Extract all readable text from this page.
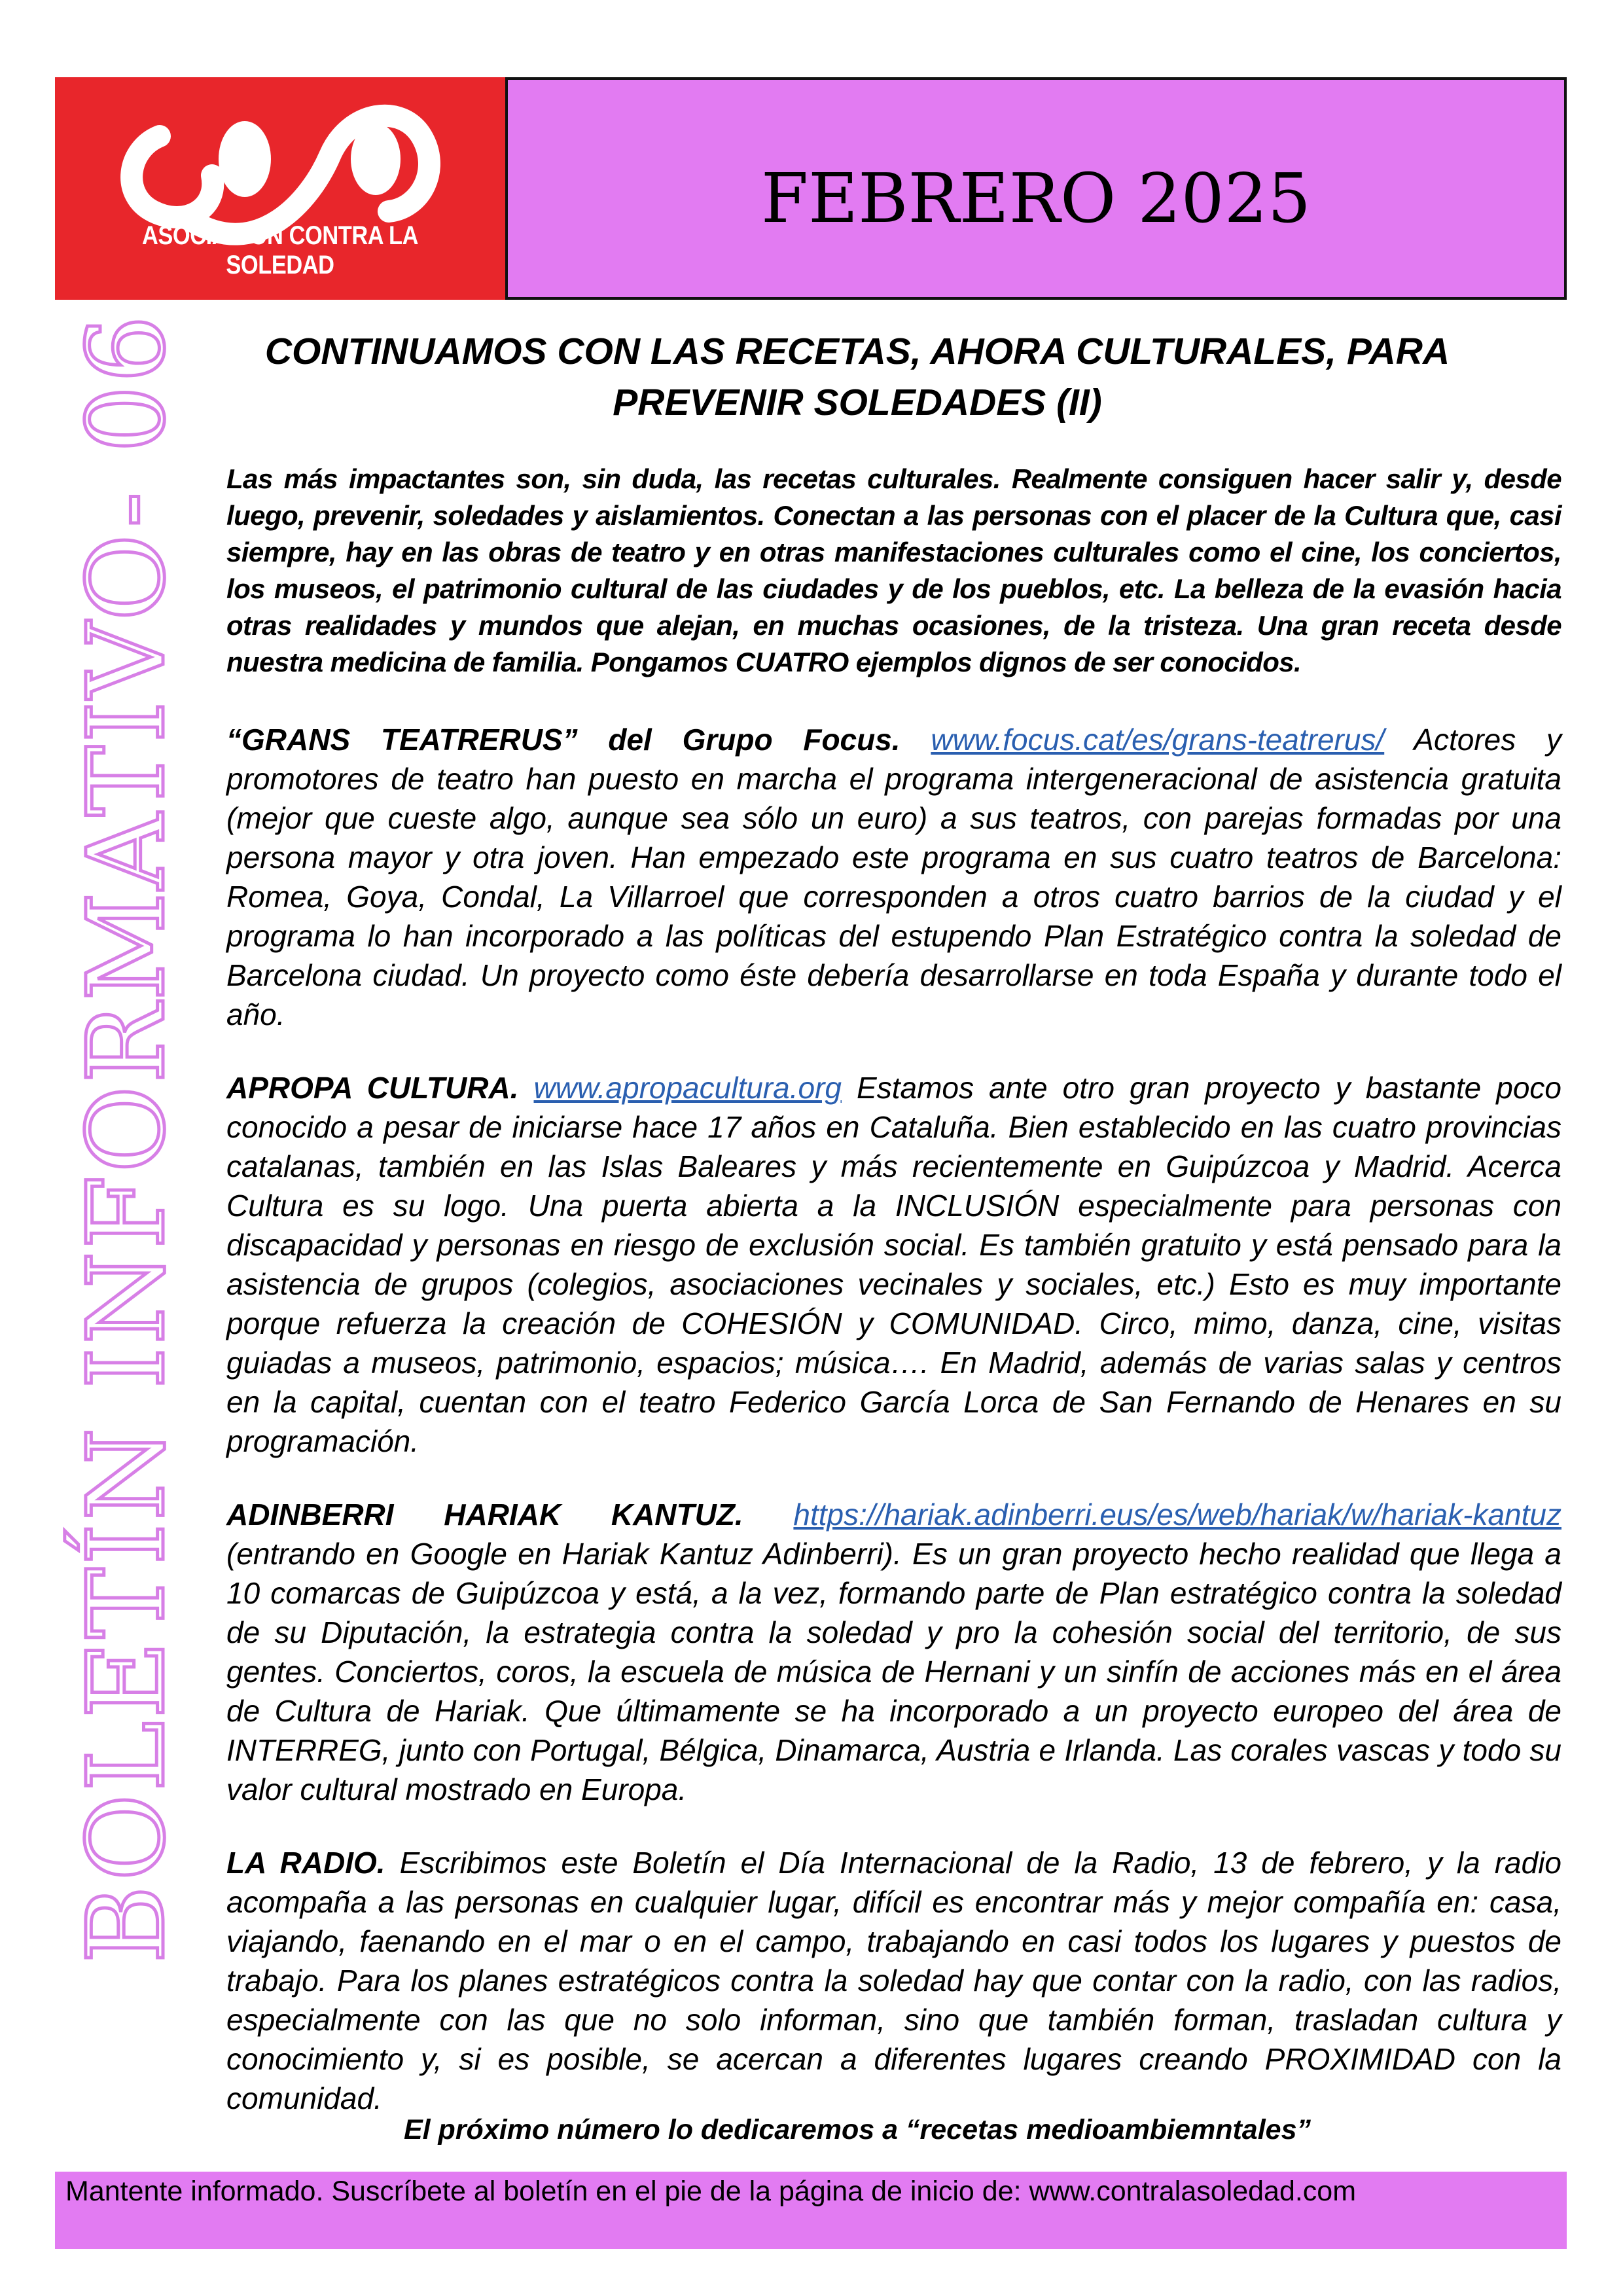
ASOCIACIÓN CONTRA LA SOLEDAD
FEBRERO 2025
BOLETÍN INFORMATIVO- 06	CONTINUAMOS CON LAS RECETAS, AHORA CULTURALES, PARA PREVENIR SOLEDADES (II)

Las más impactantes son, sin duda, las recetas culturales. Realmente consiguen hacer salir y, desde luego, prevenir, soledades y aislamientos. Conectan a las personas con el placer de la Cultura que, casi siempre, hay en las obras de teatro y en otras manifestaciones culturales como el cine, los conciertos, los museos, el patrimonio cultural de las ciudades y de los pueblos, etc. La belleza de la evasión hacia otras realidades y mundos que alejan, en muchas ocasiones, de la tristeza. Una gran receta desde nuestra medicina de familia. Pongamos CUATRO ejemplos dignos de ser conocidos.

“GRANS TEATRERUS” del Grupo Focus. www.focus.cat/es/grans-teatrerus/ Actores y promotores de teatro han puesto en marcha el programa intergeneracional de asistencia gratuita (mejor que cueste algo, aunque sea sólo un euro) a sus teatros, con parejas formadas por una persona mayor y otra joven. Han empezado este programa en sus cuatro teatros de Barcelona: Romea, Goya, Condal, La Villarroel que corresponden a otros cuatro barrios de la ciudad y el programa lo han incorporado a las políticas del estupendo Plan Estratégico contra la soledad de Barcelona ciudad. Un proyecto como éste debería desarrollarse en toda España y durante todo el año.

APROPA CULTURA. www.apropacultura.org Estamos ante otro gran proyecto y bastante poco conocido a pesar de iniciarse hace 17 años en Cataluña. Bien establecido en las cuatro provincias catalanas, también en las Islas Baleares y más recientemente en Guipúzcoa y Madrid. Acerca Cultura es su logo. Una puerta abierta a la INCLUSIÓN especialmente para personas con discapacidad y personas en riesgo de exclusión social. Es también gratuito y está pensado para la asistencia de grupos (colegios, asociaciones vecinales y sociales, etc.) Esto es muy importante porque refuerza la creación de COHESIÓN y COMUNIDAD. Circo, mimo, danza, cine, visitas guiadas a museos, patrimonio, espacios; música…. En Madrid, además de varias salas y centros en la capital, cuentan con el teatro Federico García Lorca de San Fernando de Henares en su programación.

ADINBERRI HARIAK KANTUZ. https://hariak.adinberri.eus/es/web/hariak/w/hariak-kantuz (entrando en Google en Hariak Kantuz Adinberri). Es un gran proyecto hecho realidad que llega a 10 comarcas de Guipúzcoa y está, a la vez, formando parte de Plan estratégico contra la soledad de su Diputación, la estrategia contra la soledad y pro la cohesión social del territorio, de sus gentes. Conciertos, coros, la escuela de música de Hernani y un sinfín de acciones más en el área de Cultura de Hariak. Que últimamente se ha incorporado a un proyecto europeo del área de INTERREG, junto con Portugal, Bélgica, Dinamarca, Austria e Irlanda. Las corales vascas y todo su valor cultural mostrado en Europa.

LA RADIO. Escribimos este Boletín el Día Internacional de la Radio, 13 de febrero, y la radio acompaña a las personas en cualquier lugar, difícil es encontrar más y mejor compañía en: casa, viajando, faenando en el mar o en el campo, trabajando en casi todos los lugares y puestos de trabajo. Para los planes estratégicos contra la soledad hay que contar con la radio, con las radios, especialmente con las que no solo informan, sino que también forman, trasladan cultura y conocimiento y, si es posible, se acercan a diferentes lugares creando PROXIMIDAD con la comunidad.

El próximo número lo dedicaremos a “recetas medioambiemntales”
Mantente informado. Suscríbete al boletín en el pie de la página de inicio de: www.contralasoledad.com
